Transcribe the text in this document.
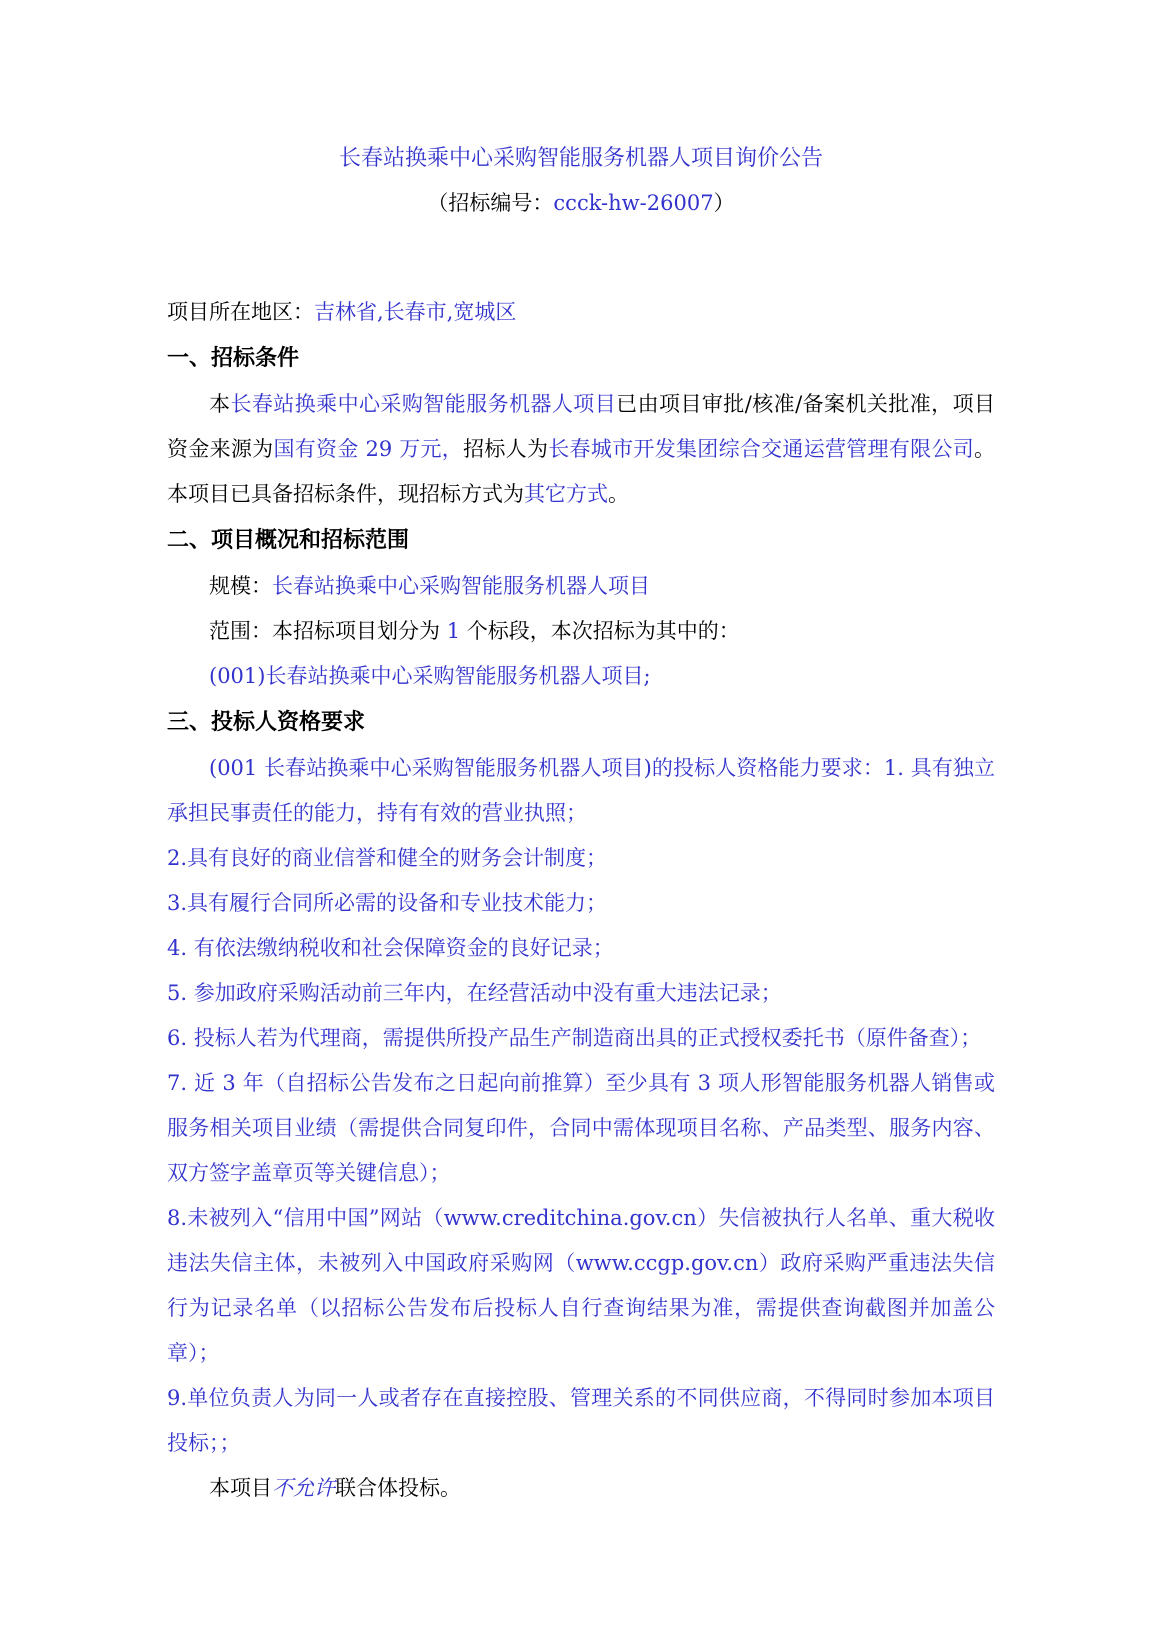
长春站换乘中心采购智能服务机器人项目询价公告
（招标编号：ccck-hw-26007）

项目所在地区：吉林省,长春市,宽城区

一、招标条件

本长春站换乘中心采购智能服务机器人项目已由项目审批/核准/备案机关批准，项目资金来源为国有资金 29 万元，招标人为长春城市开发集团综合交通运营管理有限公司。本项目已具备招标条件，现招标方式为其它方式。

二、项目概况和招标范围

规模：长春站换乘中心采购智能服务机器人项目

范围：本招标项目划分为 1 个标段，本次招标为其中的：

(001)长春站换乘中心采购智能服务机器人项目;

三、投标人资格要求

(001 长春站换乘中心采购智能服务机器人项目)的投标人资格能力要求：1. 具有独立承担民事责任的能力，持有有效的营业执照；

2.具有良好的商业信誉和健全的财务会计制度；

3.具有履行合同所必需的设备和专业技术能力；

4. 有依法缴纳税收和社会保障资金的良好记录；

5. 参加政府采购活动前三年内，在经营活动中没有重大违法记录；

6. 投标人若为代理商，需提供所投产品生产制造商出具的正式授权委托书（原件备查）；

7. 近 3 年（自招标公告发布之日起向前推算）至少具有 3 项人形智能服务机器人销售或服务相关项目业绩（需提供合同复印件，合同中需体现项目名称、产品类型、服务内容、双方签字盖章页等关键信息）；

8.未被列入“信用中国”网站（www.creditchina.gov.cn）失信被执行人名单、重大税收违法失信主体，未被列入中国政府采购网（www.ccgp.gov.cn）政府采购严重违法失信行为记录名单（以招标公告发布后投标人自行查询结果为准，需提供查询截图并加盖公章）；

9.单位负责人为同一人或者存在直接控股、管理关系的不同供应商，不得同时参加本项目投标；；

本项目不允许联合体投标。
